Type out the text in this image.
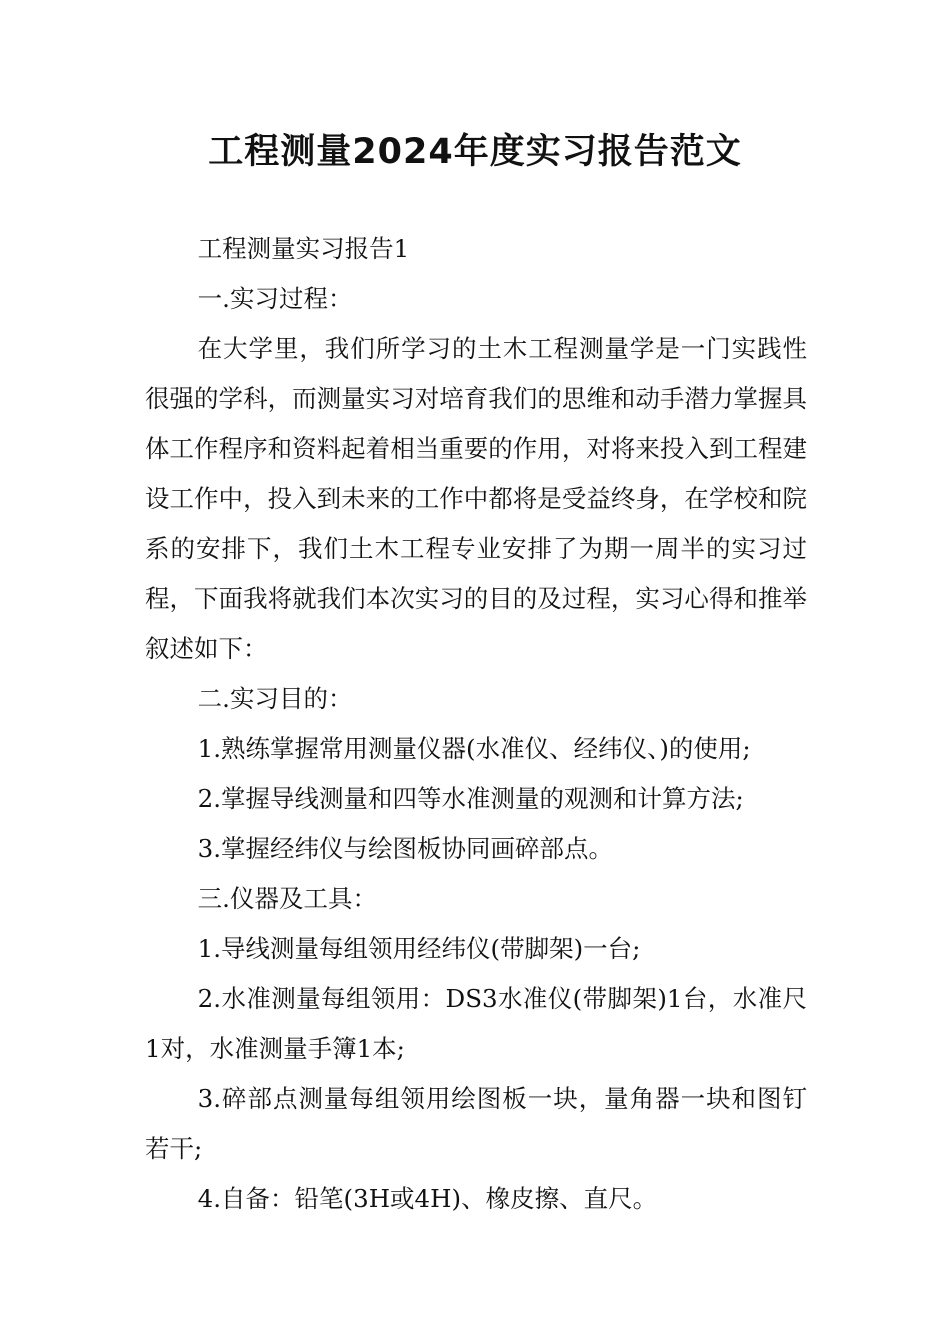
工程测量2024年度实习报告范文

工程测量实习报告1

一.实习过程：

在大学里，我们所学习的土木工程测量学是一门实践性很强的学科，而测量实习对培育我们的思维和动手潜力掌握具体工作程序和资料起着相当重要的作用，对将来投入到工程建设工作中，投入到未来的工作中都将是受益终身，在学校和院系的安排下，我们土木工程专业安排了为期一周半的实习过程，下面我将就我们本次实习的目的及过程，实习心得和推举叙述如下：

二.实习目的：

1.熟练掌握常用测量仪器(水准仪、经纬仪、)的使用;

2.掌握导线测量和四等水准测量的观测和计算方法;

3.掌握经纬仪与绘图板协同画碎部点。

三.仪器及工具：

1.导线测量每组领用经纬仪(带脚架)一台;

2.水准测量每组领用：DS3水准仪(带脚架)1台，水准尺1对，水准测量手簿1本;

3.碎部点测量每组领用绘图板一块，量角器一块和图钉若干;

4.自备：铅笔(3H或4H)、橡皮擦、直尺。
